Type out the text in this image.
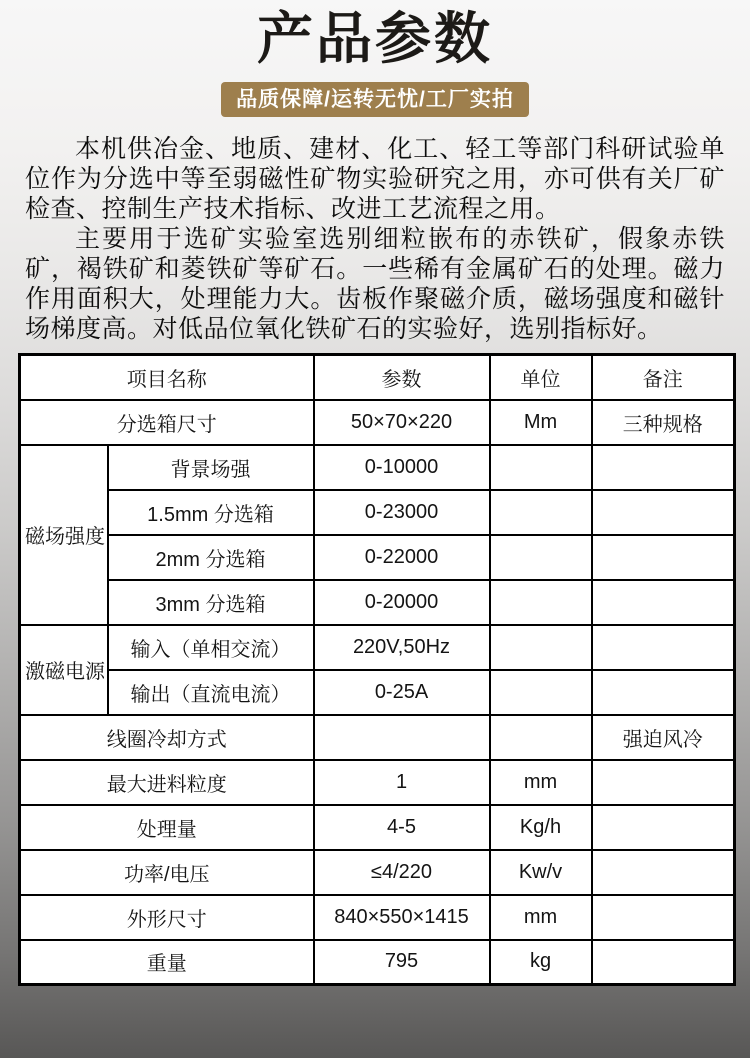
产品参数
品质保障/运转无忧/工厂实拍

本机供冶金、地质、建材、化工、轻工等部门科研试验单位作为分选中等至弱磁性矿物实验研究之用，亦可供有关厂矿检查、控制生产技术指标、改进工艺流程之用。

主要用于选矿实验室选别细粒嵌布的赤铁矿，假象赤铁矿，褐铁矿和菱铁矿等矿石。一些稀有金属矿石的处理。磁力作用面积大，处理能力大。齿板作聚磁介质，磁场强度和磁针场梯度高。对低品位氧化铁矿石的实验好，选别指标好。

项目名称		参数	单位	备注
分选箱尺寸		50×70×220	Mm	三种规格
磁场强度	背景场强	0-10000		
	1.5mm 分选箱	0-23000		
	2mm 分选箱	0-22000		
	3mm 分选箱	0-20000		
激磁电源	输入（单相交流）	220V,50Hz		
	输出（直流电流）	0-25A		
线圈冷却方式				强迫风冷
最大进料粒度		1	mm	
处理量		4-5	Kg/h	
功率/电压		≤4/220	Kw/v	
外形尺寸		840×550×1415	mm	
重量		795	kg	
